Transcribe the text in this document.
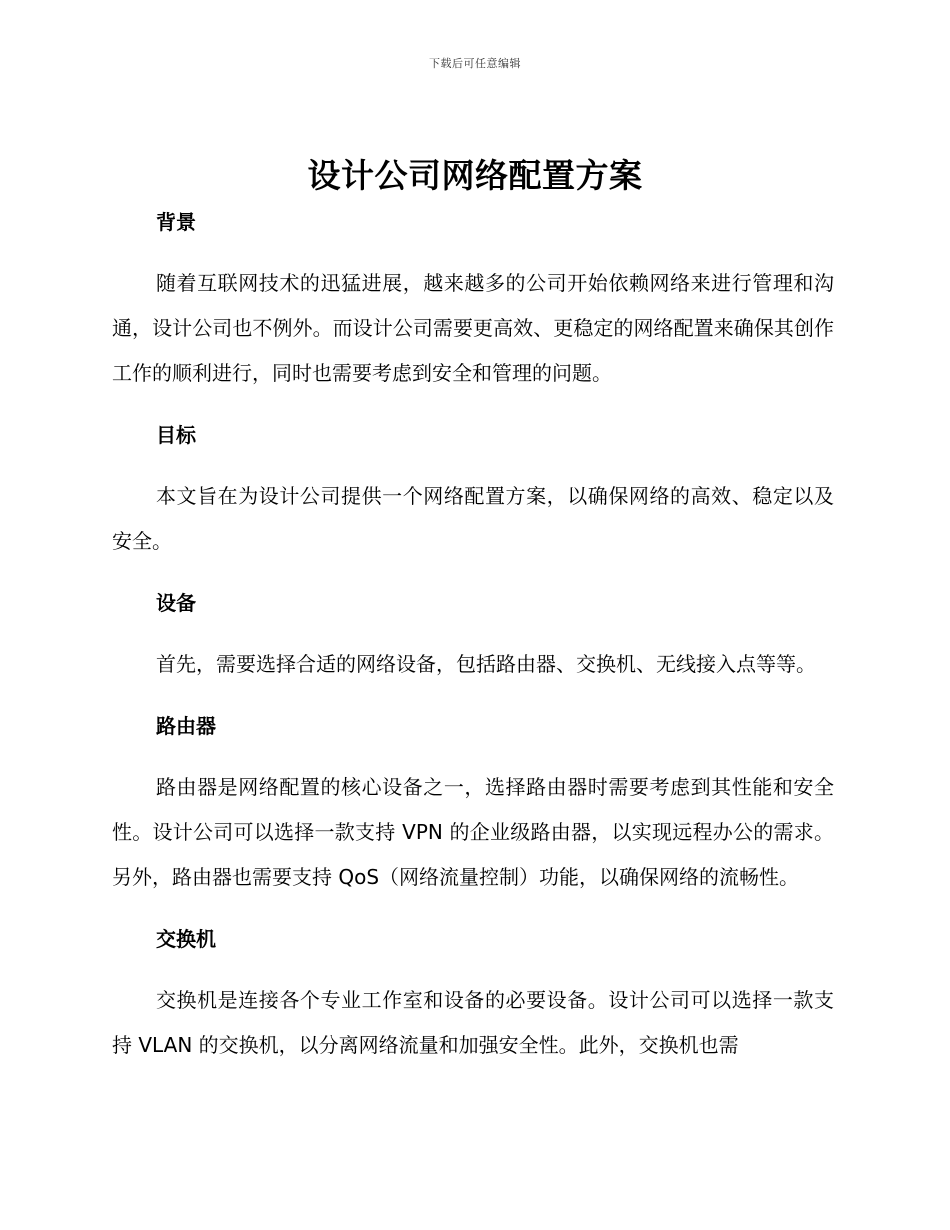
下载后可任意编辑
设计公司网络配置方案
背景

随着互联网技术的迅猛进展，越来越多的公司开始依赖网络来进行管理和沟通，设计公司也不例外。而设计公司需要更高效、更稳定的网络配置来确保其创作工作的顺利进行，同时也需要考虑到安全和管理的问题。

目标

本文旨在为设计公司提供一个网络配置方案，以确保网络的高效、稳定以及安全。

设备

首先，需要选择合适的网络设备，包括路由器、交换机、无线接入点等等。

路由器

路由器是网络配置的核心设备之一，选择路由器时需要考虑到其性能和安全性。设计公司可以选择一款支持 VPN 的企业级路由器，以实现远程办公的需求。另外，路由器也需要支持 QoS（网络流量控制）功能，以确保网络的流畅性。

交换机

交换机是连接各个专业工作室和设备的必要设备。设计公司可以选择一款支持 VLAN 的交换机，以分离网络流量和加强安全性。此外，交换机也需
